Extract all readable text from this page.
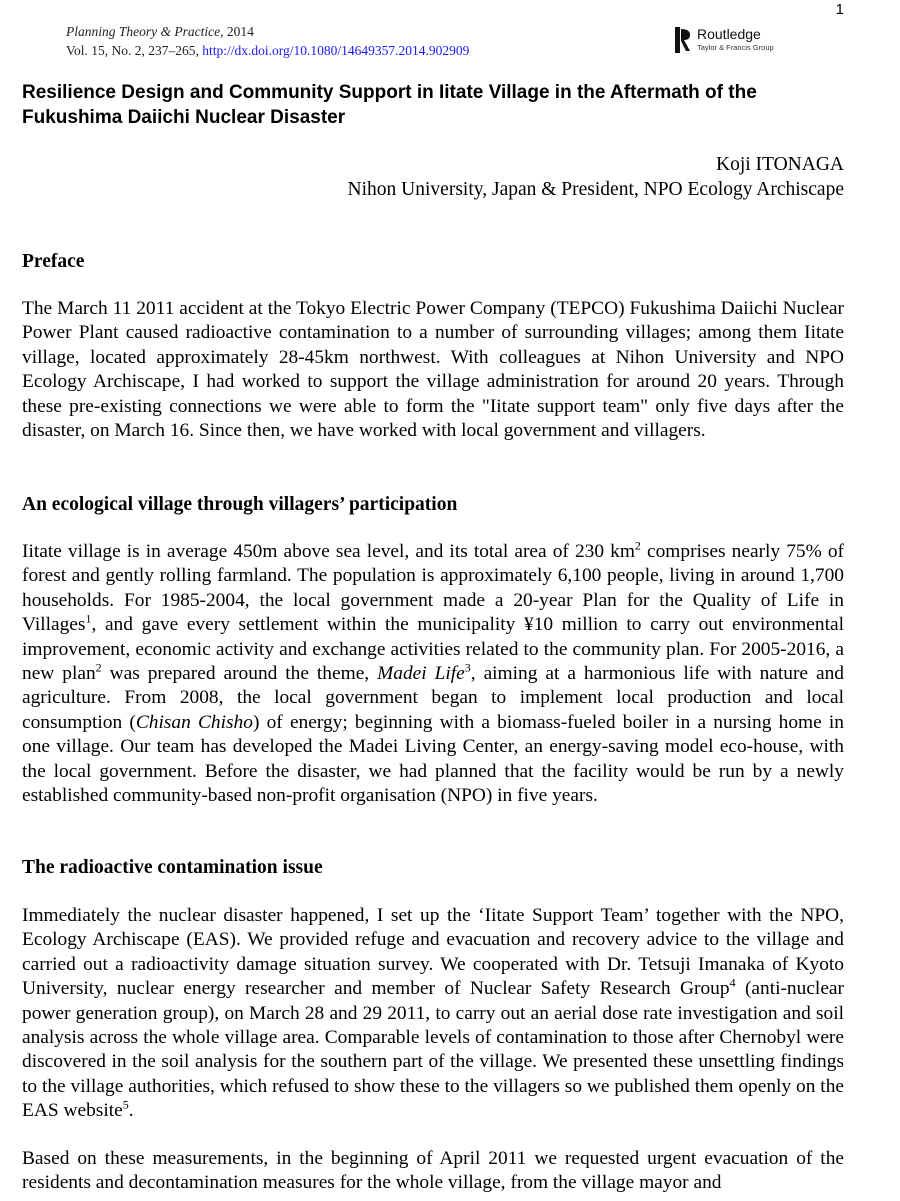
1
Planning Theory & Practice, 2014
Vol. 15, No. 2, 237–265, http://dx.doi.org/10.1080/14649357.2014.902909
Routledge
Taylor & Francis Group
Resilience Design and Community Support in Iitate Village in the Aftermath of the Fukushima Daiichi Nuclear Disaster
Koji ITONAGA
Nihon University, Japan & President, NPO Ecology Archiscape
Preface

The March 11 2011 accident at the Tokyo Electric Power Company (TEPCO) Fukushima Daiichi Nuclear Power Plant caused radioactive contamination to a number of surrounding villages; among them Iitate village, located approximately 28-45km northwest. With colleagues at Nihon University and NPO Ecology Archiscape, I had worked to support the village administration for around 20 years. Through these pre-existing connections we were able to form the "Iitate support team" only five days after the disaster, on March 16. Since then, we have worked with local government and villagers.

An ecological village through villagers’ participation

Iitate village is in average 450m above sea level, and its total area of 230 $km^2$ comprises nearly 75% of forest and gently rolling farmland. The population is approximately 6,100 people, living in around 1,700 households. For 1985-2004, the local government made a 20-year Plan for the Quality of Life in Villages$^1$, and gave every settlement within the municipality ¥10 million to carry out environmental improvement, economic activity and exchange activities related to the community plan. For 2005-2016, a new plan$^2$ was prepared around the theme, Madei Life$^3$, aiming at a harmonious life with nature and agriculture. From 2008, the local government began to implement local production and local consumption (Chisan Chisho) of energy; beginning with a biomass-fueled boiler in a nursing home in one village. Our team has developed the Madei Living Center, an energy-saving model eco-house, with the local government. Before the disaster, we had planned that the facility would be run by a newly established community-based non-profit organisation (NPO) in five years.

The radioactive contamination issue

Immediately the nuclear disaster happened, I set up the ‘Iitate Support Team’ together with the NPO, Ecology Archiscape (EAS). We provided refuge and evacuation and recovery advice to the village and carried out a radioactivity damage situation survey. We cooperated with Dr. Tetsuji Imanaka of Kyoto University, nuclear energy researcher and member of Nuclear Safety Research Group$^4$ (anti-nuclear power generation group), on March 28 and 29 2011, to carry out an aerial dose rate investigation and soil analysis across the whole village area. Comparable levels of contamination to those after Chernobyl were discovered in the soil analysis for the southern part of the village. We presented these unsettling findings to the village authorities, which refused to show these to the villagers so we published them openly on the EAS website$^5$.

Based on these measurements, in the beginning of April 2011 we requested urgent evacuation of the residents and decontamination measures for the whole village, from the village mayor and
